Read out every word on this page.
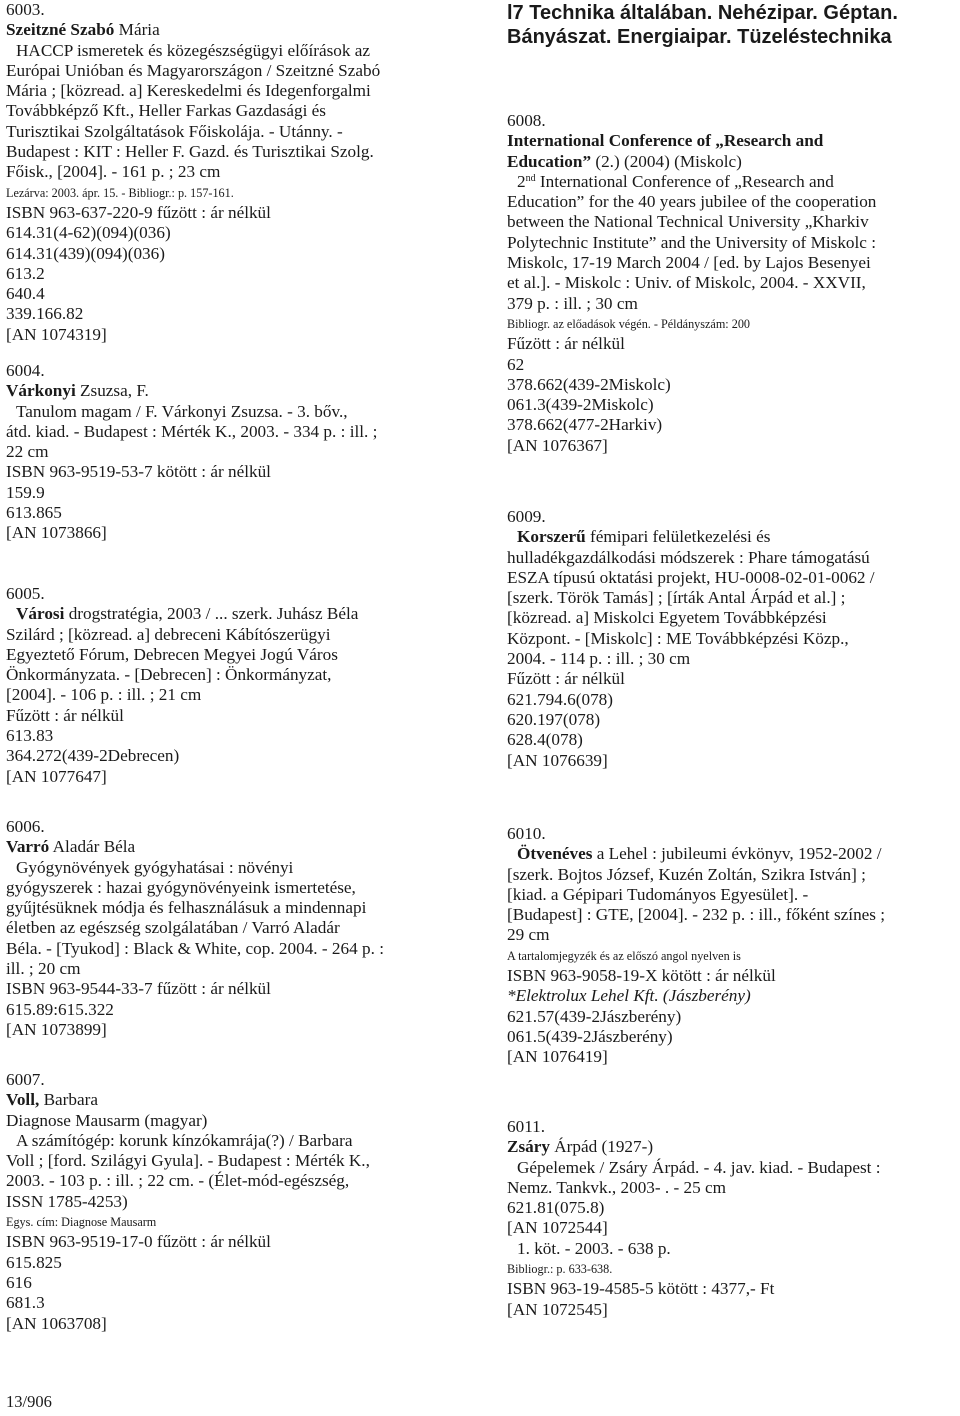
6003.
Szeitzné Szabó Mária
HACCP ismeretek és közegészségügyi előírások az
Európai Unióban és Magyarországon / Szeitzné Szabó
Mária ; [közread. a] Kereskedelmi és Idegenforgalmi
Továbbképző Kft., Heller Farkas Gazdasági és
Turisztikai Szolgáltatások Főiskolája. - Utánny. -
Budapest : KIT : Heller F. Gazd. és Turisztikai Szolg.
Főisk., [2004]. - 161 p. ; 23 cm
Lezárva: 2003. ápr. 15. - Bibliogr.: p. 157-161.
ISBN 963-637-220-9 fűzött : ár nélkül
614.31(4-62)(094)(036)
614.31(439)(094)(036)
613.2
640.4
339.166.82
[AN 1074319]
6004.
Várkonyi Zsuzsa, F.
Tanulom magam / F. Várkonyi Zsuzsa. - 3. bőv.,
átd. kiad. - Budapest : Mérték K., 2003. - 334 p. : ill. ;
22 cm
ISBN 963-9519-53-7 kötött : ár nélkül
159.9
613.865
[AN 1073866]
6005.
Városi drogstratégia, 2003 / ... szerk. Juhász Béla
Szilárd ; [közread. a] debreceni Kábítószerügyi
Egyeztető Fórum, Debrecen Megyei Jogú Város
Önkormányzata. - [Debrecen] : Önkormányzat,
[2004]. - 106 p. : ill. ; 21 cm
Fűzött : ár nélkül
613.83
364.272(439-2Debrecen)
[AN 1077647]
6006.
Varró Aladár Béla
Gyógynövények gyógyhatásai : növényi
gyógyszerek : hazai gyógynövényeink ismertetése,
gyűjtésüknek módja és felhasználásuk a mindennapi
életben az egészség szolgálatában / Varró Aladár
Béla. - [Tyukod] : Black & White, cop. 2004. - 264 p. :
ill. ; 20 cm
ISBN 963-9544-33-7 fűzött : ár nélkül
615.89:615.322
[AN 1073899]
6007.
Voll, Barbara
Diagnose Mausarm (magyar)
A számítógép: korunk kínzókamrája(?) / Barbara
Voll ; [ford. Szilágyi Gyula]. - Budapest : Mérték K.,
2003. - 103 p. : ill. ; 22 cm. - (Élet-mód-egészség,
ISSN 1785-4253)
Egys. cím: Diagnose Mausarm
ISBN 963-9519-17-0 fűzött : ár nélkül
615.825
616
681.3
[AN 1063708]
l7 Technika általában. Nehézipar. Géptan.
Bányászat. Energiaipar. Tüzeléstechnika
6008.
International Conference of „Research and
Education” (2.) (2004) (Miskolc)
2nd International Conference of „Research and
Education” for the 40 years jubilee of the cooperation
between the National Technical University „Kharkiv
Polytechnic Institute” and the University of Miskolc :
Miskolc, 17-19 March 2004 / [ed. by Lajos Besenyei
et al.]. - Miskolc : Univ. of Miskolc, 2004. - XXVII,
379 p. : ill. ; 30 cm
Bibliogr. az előadások végén. - Példányszám: 200
Fűzött : ár nélkül
62
378.662(439-2Miskolc)
061.3(439-2Miskolc)
378.662(477-2Harkiv)
[AN 1076367]
6009.
Korszerű fémipari felületkezelési és
hulladékgazdálkodási módszerek : Phare támogatású
ESZA típusú oktatási projekt, HU-0008-02-01-0062 /
[szerk. Török Tamás] ; [írták Antal Árpád et al.] ;
[közread. a] Miskolci Egyetem Továbbképzési
Központ. - [Miskolc] : ME Továbbképzési Közp.,
2004. - 114 p. : ill. ; 30 cm
Fűzött : ár nélkül
621.794.6(078)
620.197(078)
628.4(078)
[AN 1076639]
6010.
Ötvenéves a Lehel : jubileumi évkönyv, 1952-2002 /
[szerk. Bojtos József, Kuzén Zoltán, Szikra István] ;
[kiad. a Gépipari Tudományos Egyesület]. -
[Budapest] : GTE, [2004]. - 232 p. : ill., főként színes ;
29 cm
A tartalomjegyzék és az előszó angol nyelven is
ISBN 963-9058-19-X kötött : ár nélkül
*Elektrolux Lehel Kft. (Jászberény)
621.57(439-2Jászberény)
061.5(439-2Jászberény)
[AN 1076419]
6011.
Zsáry Árpád (1927-)
Gépelemek / Zsáry Árpád. - 4. jav. kiad. - Budapest :
Nemz. Tankvk., 2003- . - 25 cm
621.81(075.8)
[AN 1072544]
1. köt. - 2003. - 638 p.
Bibliogr.: p. 633-638.
ISBN 963-19-4585-5 kötött : 4377,- Ft
[AN 1072545]
13/906
